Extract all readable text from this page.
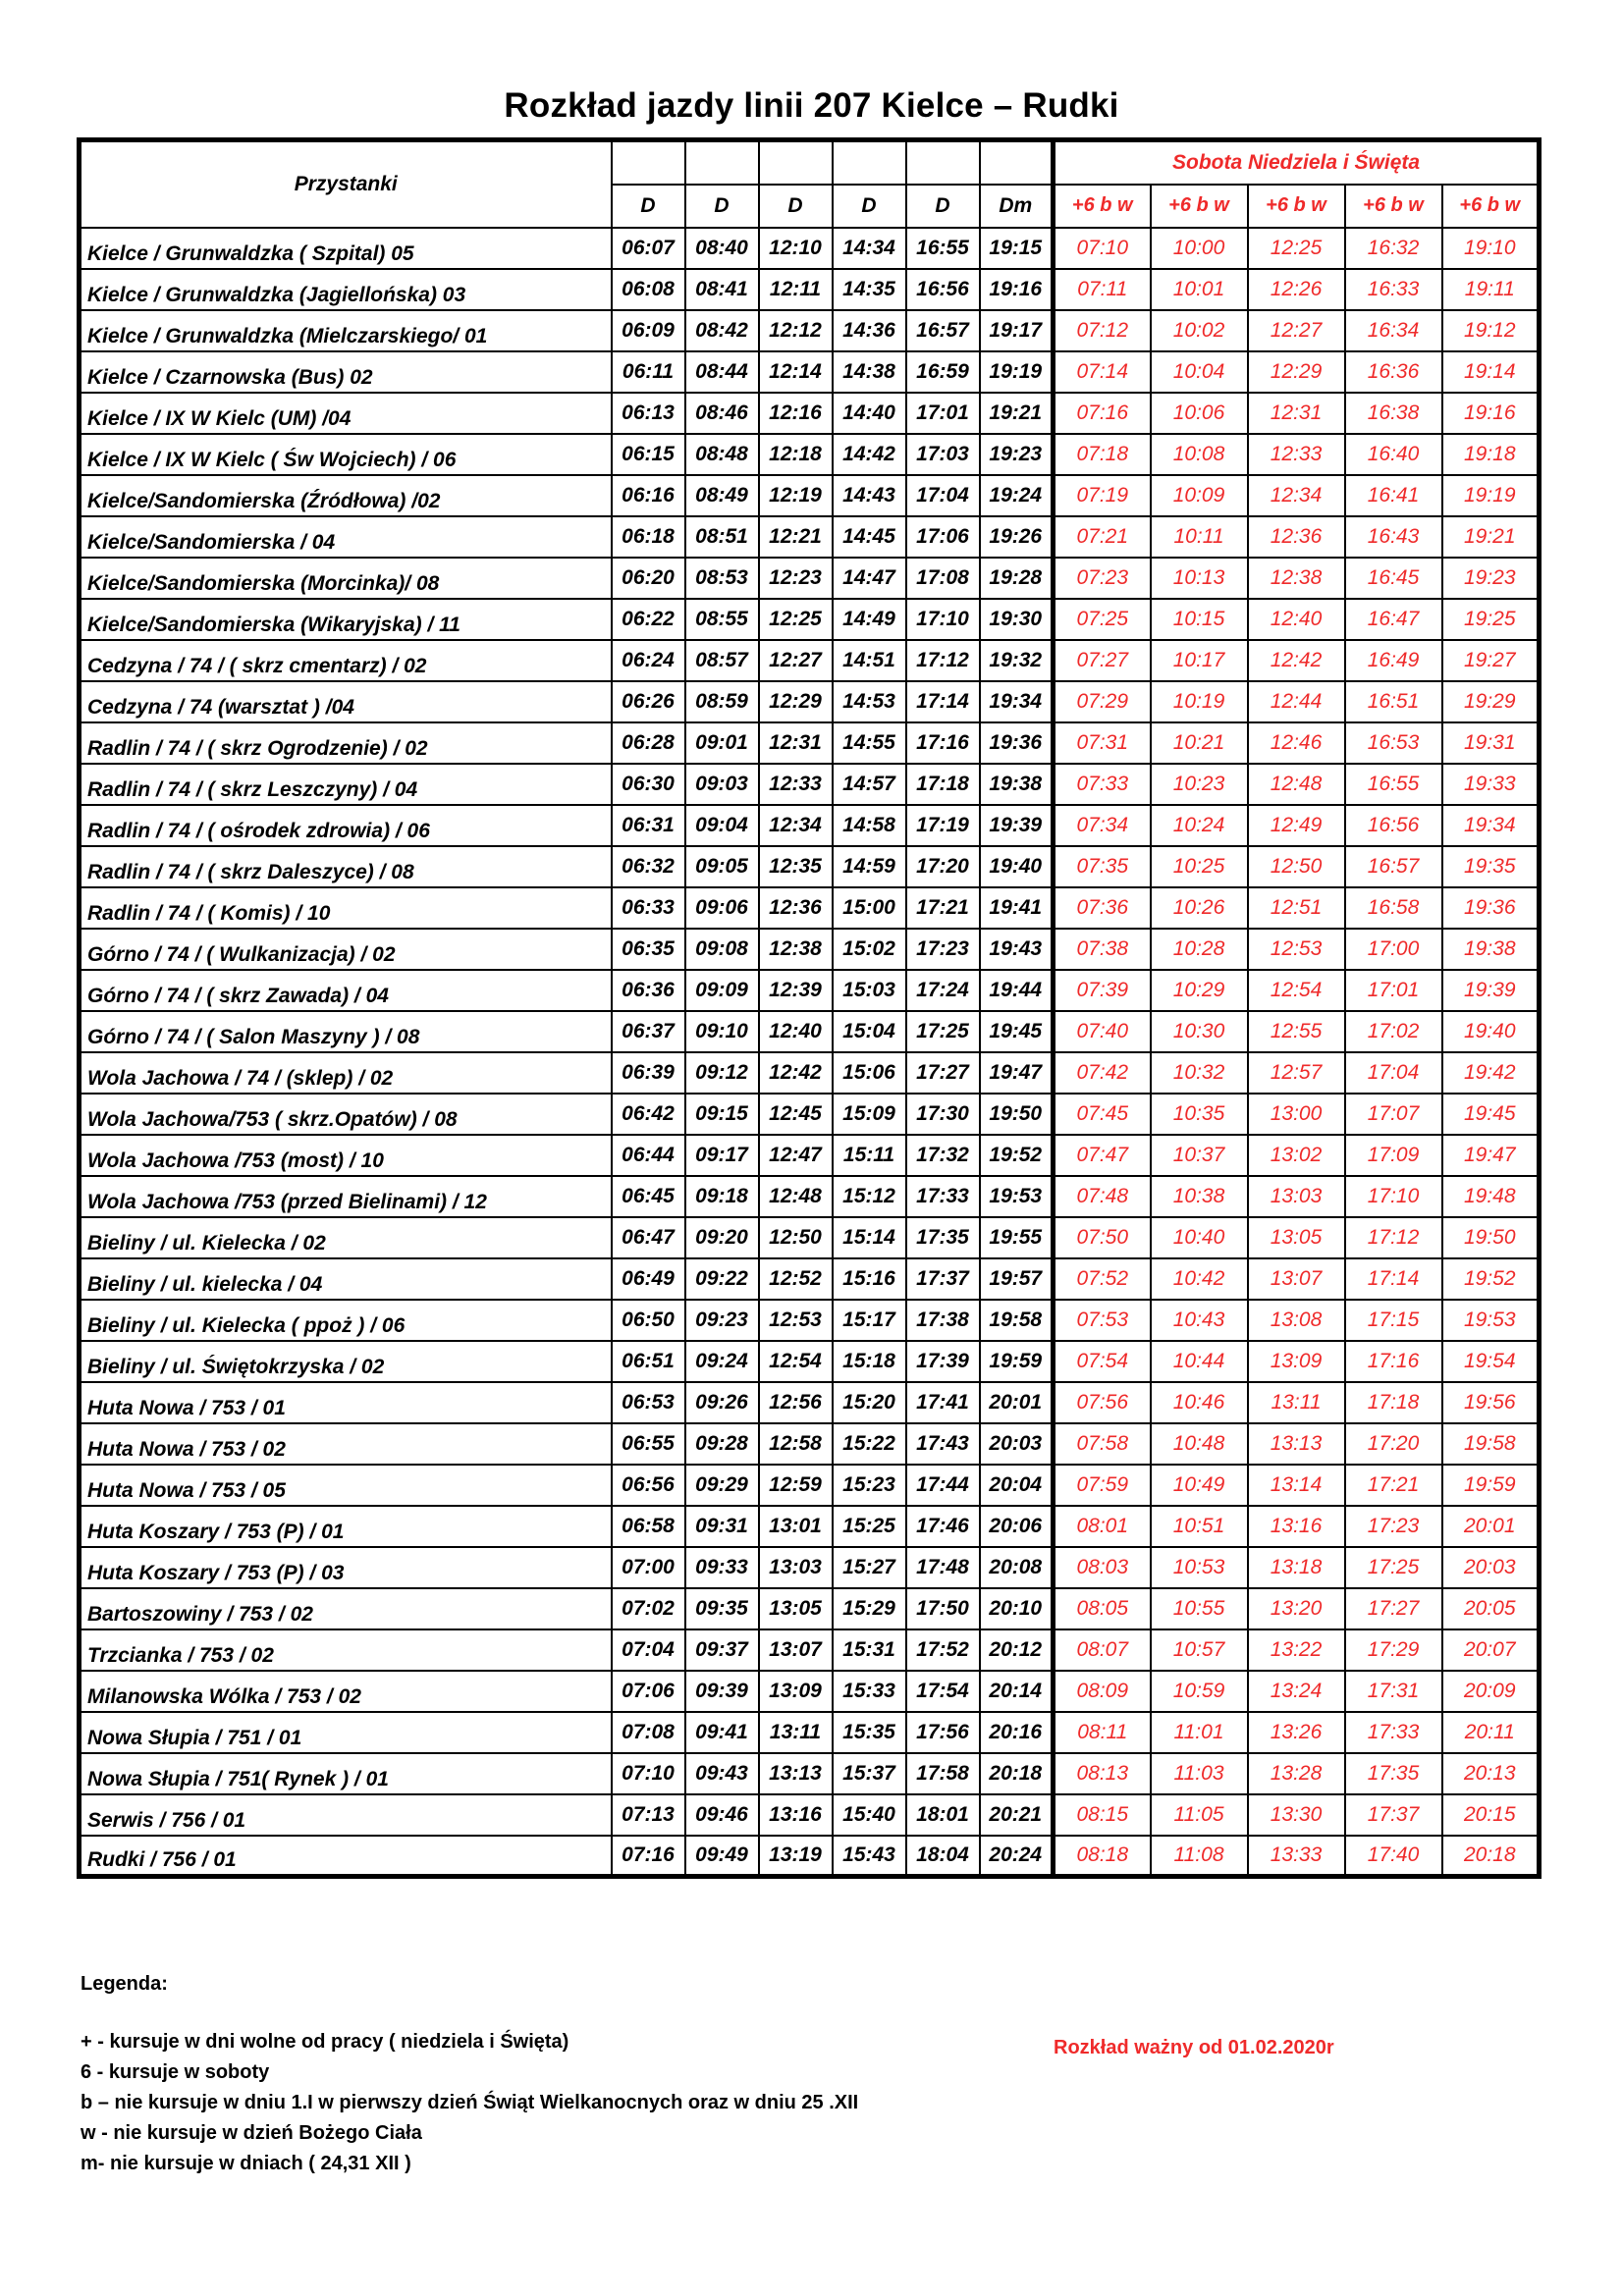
Rozkład jazdy linii 207 Kielce – Rudki
Przystanki							Sobota Niedziela i Święta				
	D	D	D	D	D	Dm	+6 b w	+6 b w	+6 b w	+6 b w	+6 b w
Kielce / Grunwaldzka ( Szpital) 05	06:07	08:40	12:10	14:34	16:55	19:15	07:10	10:00	12:25	16:32	19:10
Kielce / Grunwaldzka (Jagiellońska) 03	06:08	08:41	12:11	14:35	16:56	19:16	07:11	10:01	12:26	16:33	19:11
Kielce / Grunwaldzka (Mielczarskiego/ 01	06:09	08:42	12:12	14:36	16:57	19:17	07:12	10:02	12:27	16:34	19:12
Kielce / Czarnowska (Bus) 02	06:11	08:44	12:14	14:38	16:59	19:19	07:14	10:04	12:29	16:36	19:14
Kielce / IX W Kielc (UM) /04	06:13	08:46	12:16	14:40	17:01	19:21	07:16	10:06	12:31	16:38	19:16
Kielce / IX W Kielc ( Św Wojciech) / 06	06:15	08:48	12:18	14:42	17:03	19:23	07:18	10:08	12:33	16:40	19:18
Kielce/Sandomierska (Źródłowa) /02	06:16	08:49	12:19	14:43	17:04	19:24	07:19	10:09	12:34	16:41	19:19
Kielce/Sandomierska / 04	06:18	08:51	12:21	14:45	17:06	19:26	07:21	10:11	12:36	16:43	19:21
Kielce/Sandomierska (Morcinka)/ 08	06:20	08:53	12:23	14:47	17:08	19:28	07:23	10:13	12:38	16:45	19:23
Kielce/Sandomierska (Wikaryjska) / 11	06:22	08:55	12:25	14:49	17:10	19:30	07:25	10:15	12:40	16:47	19:25
Cedzyna / 74 / ( skrz cmentarz) / 02	06:24	08:57	12:27	14:51	17:12	19:32	07:27	10:17	12:42	16:49	19:27
Cedzyna / 74 (warsztat ) /04	06:26	08:59	12:29	14:53	17:14	19:34	07:29	10:19	12:44	16:51	19:29
Radlin / 74 / ( skrz Ogrodzenie) / 02	06:28	09:01	12:31	14:55	17:16	19:36	07:31	10:21	12:46	16:53	19:31
Radlin / 74 / ( skrz Leszczyny) / 04	06:30	09:03	12:33	14:57	17:18	19:38	07:33	10:23	12:48	16:55	19:33
Radlin / 74 / ( ośrodek zdrowia) / 06	06:31	09:04	12:34	14:58	17:19	19:39	07:34	10:24	12:49	16:56	19:34
Radlin / 74 / ( skrz Daleszyce) / 08	06:32	09:05	12:35	14:59	17:20	19:40	07:35	10:25	12:50	16:57	19:35
Radlin / 74 / ( Komis) / 10	06:33	09:06	12:36	15:00	17:21	19:41	07:36	10:26	12:51	16:58	19:36
Górno / 74 / ( Wulkanizacja) / 02	06:35	09:08	12:38	15:02	17:23	19:43	07:38	10:28	12:53	17:00	19:38
Górno / 74 / ( skrz Zawada) / 04	06:36	09:09	12:39	15:03	17:24	19:44	07:39	10:29	12:54	17:01	19:39
Górno / 74 / ( Salon Maszyny ) / 08	06:37	09:10	12:40	15:04	17:25	19:45	07:40	10:30	12:55	17:02	19:40
Wola Jachowa / 74 / (sklep) / 02	06:39	09:12	12:42	15:06	17:27	19:47	07:42	10:32	12:57	17:04	19:42
Wola Jachowa/753 ( skrz.Opatów) / 08	06:42	09:15	12:45	15:09	17:30	19:50	07:45	10:35	13:00	17:07	19:45
Wola Jachowa /753 (most) / 10	06:44	09:17	12:47	15:11	17:32	19:52	07:47	10:37	13:02	17:09	19:47
Wola Jachowa /753 (przed Bielinami) / 12	06:45	09:18	12:48	15:12	17:33	19:53	07:48	10:38	13:03	17:10	19:48
Bieliny / ul. Kielecka / 02	06:47	09:20	12:50	15:14	17:35	19:55	07:50	10:40	13:05	17:12	19:50
Bieliny / ul. kielecka / 04	06:49	09:22	12:52	15:16	17:37	19:57	07:52	10:42	13:07	17:14	19:52
Bieliny / ul. Kielecka ( ppoż ) / 06	06:50	09:23	12:53	15:17	17:38	19:58	07:53	10:43	13:08	17:15	19:53
Bieliny / ul. Świętokrzyska / 02	06:51	09:24	12:54	15:18	17:39	19:59	07:54	10:44	13:09	17:16	19:54
Huta Nowa / 753 / 01	06:53	09:26	12:56	15:20	17:41	20:01	07:56	10:46	13:11	17:18	19:56
Huta Nowa / 753 / 02	06:55	09:28	12:58	15:22	17:43	20:03	07:58	10:48	13:13	17:20	19:58
Huta Nowa / 753 / 05	06:56	09:29	12:59	15:23	17:44	20:04	07:59	10:49	13:14	17:21	19:59
Huta Koszary / 753 (P) / 01	06:58	09:31	13:01	15:25	17:46	20:06	08:01	10:51	13:16	17:23	20:01
Huta Koszary / 753 (P) / 03	07:00	09:33	13:03	15:27	17:48	20:08	08:03	10:53	13:18	17:25	20:03
Bartoszowiny / 753 / 02	07:02	09:35	13:05	15:29	17:50	20:10	08:05	10:55	13:20	17:27	20:05
Trzcianka / 753 / 02	07:04	09:37	13:07	15:31	17:52	20:12	08:07	10:57	13:22	17:29	20:07
Milanowska Wólka / 753 / 02	07:06	09:39	13:09	15:33	17:54	20:14	08:09	10:59	13:24	17:31	20:09
Nowa Słupia / 751 / 01	07:08	09:41	13:11	15:35	17:56	20:16	08:11	11:01	13:26	17:33	20:11
Nowa Słupia / 751( Rynek ) / 01	07:10	09:43	13:13	15:37	17:58	20:18	08:13	11:03	13:28	17:35	20:13
Serwis / 756 / 01	07:13	09:46	13:16	15:40	18:01	20:21	08:15	11:05	13:30	17:37	20:15
Rudki / 756 / 01	07:16	09:49	13:19	15:43	18:04	20:24	08:18	11:08	13:33	17:40	20:18
Legenda:
+ - kursuje w dni wolne od pracy ( niedziela i Święta)
6 - kursuje w soboty
b – nie kursuje w dniu 1.I w pierwszy dzień Świąt Wielkanocnych oraz w dniu 25 .XII
w - nie kursuje w dzień Bożego Ciała
m- nie kursuje w dniach ( 24,31 XII )
Rozkład ważny od 01.02.2020r
